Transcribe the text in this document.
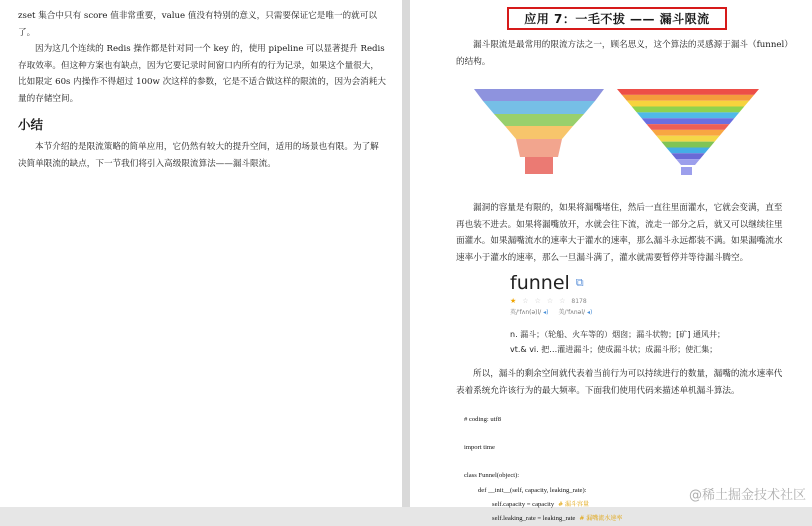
zset 集合中只有 score 值非常重要，value 值没有特别的意义，只需要保证它是唯一的就可以了。

因为这几个连续的 Redis 操作都是针对同一个 key 的，使用 pipeline 可以显著提升 Redis 存取效率。但这种方案也有缺点，因为它要记录时间窗口内所有的行为记录，如果这个量很大，比如限定 60s 内操作不得超过 100w 次这样的参数，它是不适合做这样的限流的，因为会消耗大量的存储空间。

小结

本节介绍的是限流策略的简单应用，它仍然有较大的提升空间，适用的场景也有限。为了解决简单限流的缺点，下一节我们将引入高级限流算法——漏斗限流。

应用 7：一毛不拔 —— 漏斗限流

漏斗限流是最常用的限流方法之一，顾名思义，这个算法的灵感源于漏斗（funnel）的结构。

漏洞的容量是有限的，如果将漏嘴堵住，然后一直往里面灌水，它就会变满，直至再也装不进去。如果将漏嘴放开，水就会往下流，流走一部分之后，就又可以继续往里面灌水。如果漏嘴流水的速率大于灌水的速率，那么漏斗永远都装不满。如果漏嘴流水速率小于灌水的速率，那么一旦漏斗满了，灌水就需要暂停并等待漏斗腾空。

funnel ⧉
★ ☆ ☆ ☆ ☆ 8178
英/'fʌn(ə)l/ ◂) 美/'fʌnəl/ ◂)
n. 漏斗；（轮船、火车等的）烟囱；漏斗状物；[矿] 通风井；
vt.& vi. 把…灌进漏斗；使成漏斗状；成漏斗形；使汇集；

所以，漏斗的剩余空间就代表着当前行为可以持续进行的数量，漏嘴的流水速率代表着系统允许该行为的最大频率。下面我们使用代码来描述单机漏斗算法。

# coding: utf8
import time
class Funnel(object):
def __init__(self, capacity, leaking_rate):
self.capacity = capacity # 漏斗容量
self.leaking_rate = leaking_rate # 漏嘴流水速率
@稀土掘金技术社区
